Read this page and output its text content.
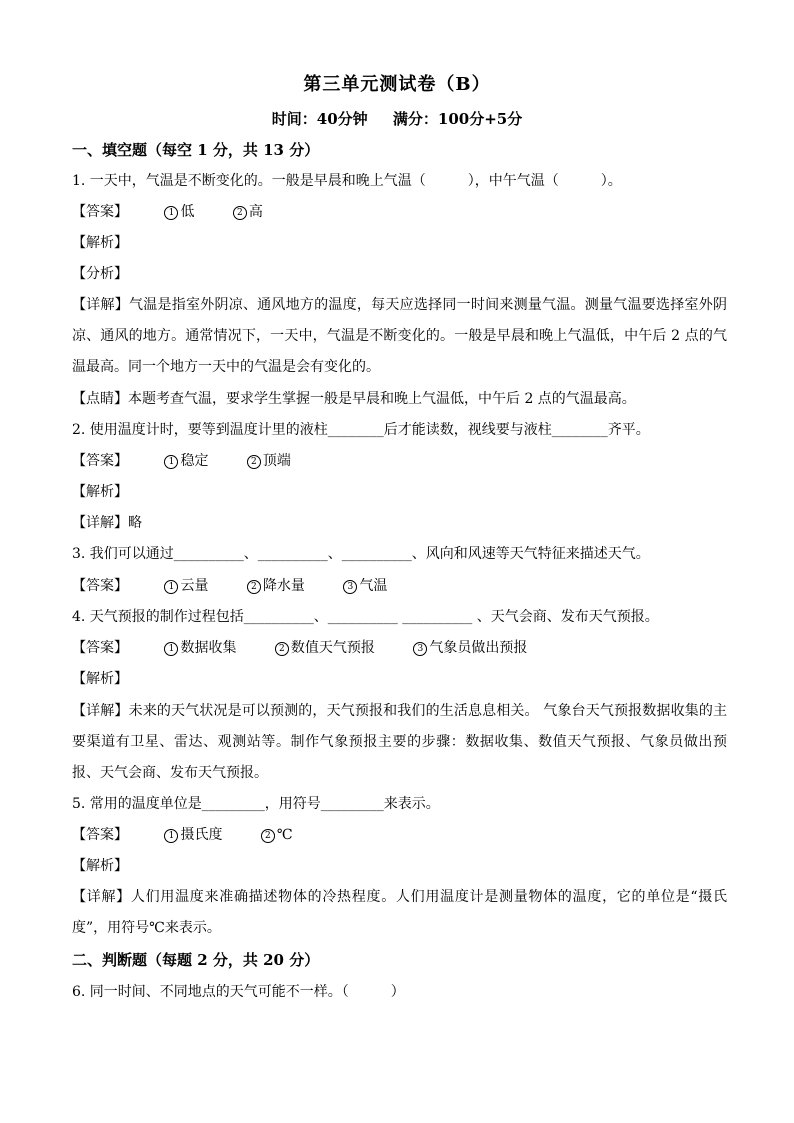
第三单元测试卷（B）
时间：40分钟 满分：100分+5分
一、填空题（每空 1 分，共 13 分）
1. 一天中，气温是不断变化的。一般是早晨和晚上气温（　　　），中午气温（　　　）。
【答案】	1 低	2 高
【解析】
【分析】
【详解】气温是指室外阴凉、通风地方的温度，每天应选择同一时间来测量气温。测量气温要选择室外阴凉、通风的地方。通常情况下，一天中，气温是不断变化的。一般是早晨和晚上气温低，中午后 2 点的气温最高。同一个地方一天中的气温是会有变化的。
【点睛】本题考查气温，要求学生掌握一般是早晨和晚上气温低，中午后 2 点的气温最高。
2. 使用温度计时，要等到温度计里的液柱________后才能读数，视线要与液柱________齐平。
【答案】	1 稳定	2 顶端
【解析】
【详解】略
3. 我们可以通过__________、__________、__________、风向和风速等天气特征来描述天气。
【答案】	1 云量	2 降水量	3 气温
4. 天气预报的制作过程包括__________、__________ __________ 、天气会商、发布天气预报。
【答案】	1 数据收集	2 数值天气预报	3 气象员做出预报
【解析】
【详解】未来的天气状况是可以预测的，天气预报和我们的生活息息相关。 气象台天气预报数据收集的主要渠道有卫星、雷达、观测站等。制作气象预报主要的步骤：数据收集、数值天气预报、气象员做出预报、天气会商、发布天气预报。
5. 常用的温度单位是_________，用符号_________来表示。
【答案】	1 摄氏度	2 ℃
【解析】
【详解】人们用温度来准确描述物体的冷热程度。人们用温度计是测量物体的温度，它的单位是“摄氏度”，用符号℃来表示。
二、判断题（每题 2 分，共 20 分）
6. 同一时间、不同地点的天气可能不一样。（　　　）
